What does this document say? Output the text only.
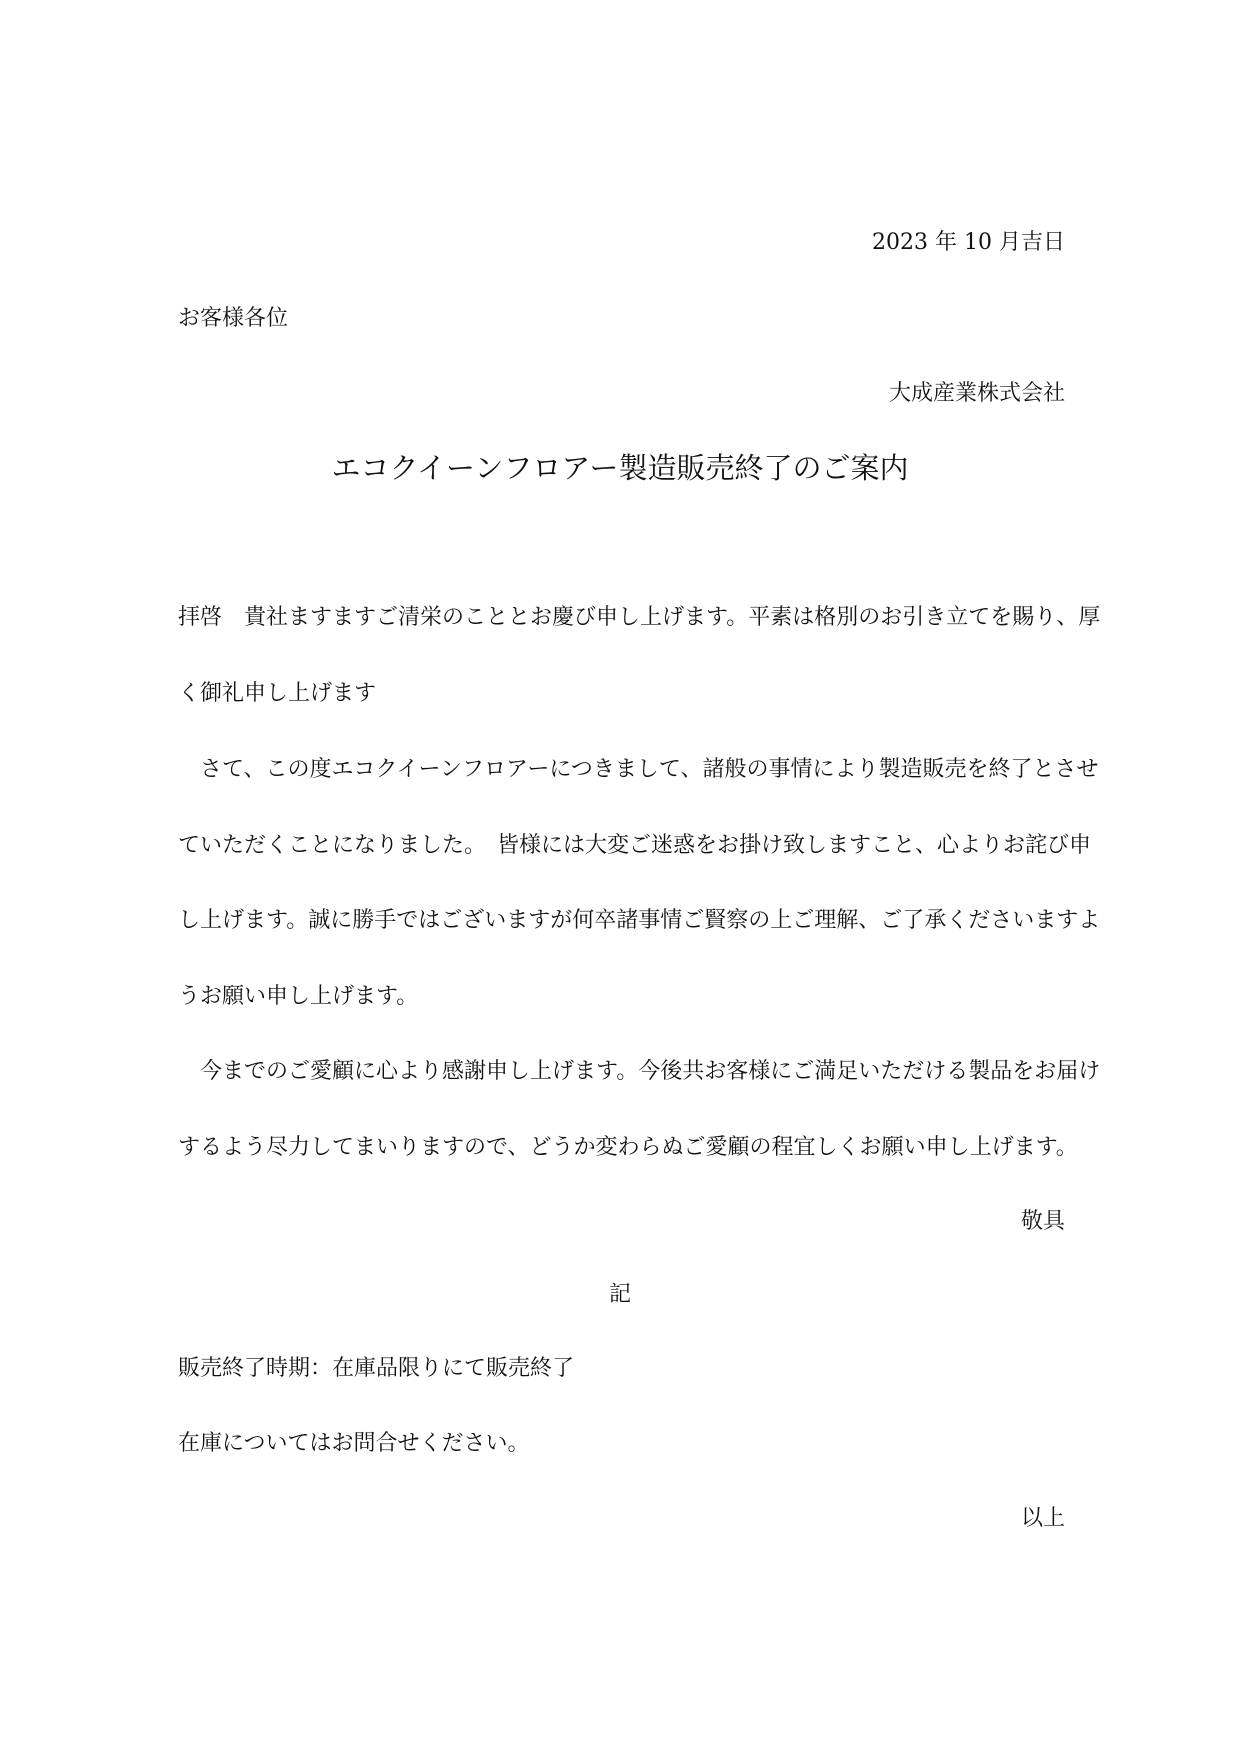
2023 年 10 月吉日

お客様各位

大成産業株式会社

エコクイーンフロアー製造販売終了のご案内

拝啓　貴社ますますご清栄のこととお慶び申し上げます。平素は格別のお引き立てを賜り、厚

く御礼申し上げます

　さて、この度エコクイーンフロアーにつきまして、諸般の事情により製造販売を終了とさせ

ていただくことになりました。　皆様には大変ご迷惑をお掛け致しますこと、心よりお詫び申

し上げます。誠に勝手ではございますが何卒諸事情ご賢察の上ご理解、ご了承くださいますよ

うお願い申し上げます。

　今までのご愛顧に心より感謝申し上げます。今後共お客様にご満足いただける製品をお届け

するよう尽力してまいりますので、どうか変わらぬご愛顧の程宜しくお願い申し上げます。

敬具

記

販売終了時期：在庫品限りにて販売終了

在庫についてはお問合せください。

以上
